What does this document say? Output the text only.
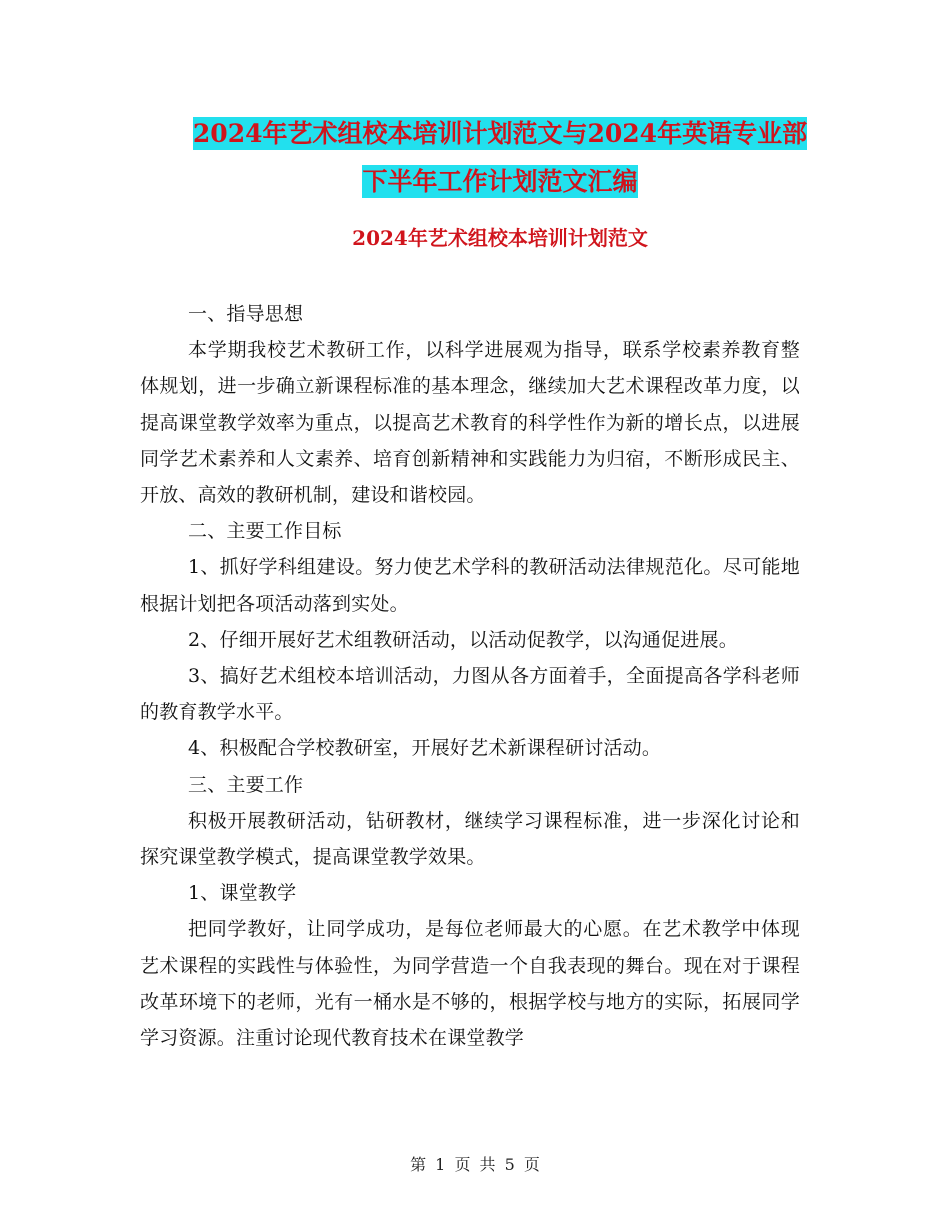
2024年艺术组校本培训计划范文与2024年英语专业部
下半年工作计划范文汇编
2024年艺术组校本培训计划范文

一、指导思想

本学期我校艺术教研工作，以科学进展观为指导，联系学校素养教育整体规划，进一步确立新课程标准的基本理念，继续加大艺术课程改革力度，以提高课堂教学效率为重点，以提高艺术教育的科学性作为新的增长点，以进展同学艺术素养和人文素养、培育创新精神和实践能力为归宿，不断形成民主、开放、高效的教研机制，建设和谐校园。

二、主要工作目标

1、抓好学科组建设。努力使艺术学科的教研活动法律规范化。尽可能地根据计划把各项活动落到实处。

2、仔细开展好艺术组教研活动，以活动促教学，以沟通促进展。

3、搞好艺术组校本培训活动，力图从各方面着手，全面提高各学科老师的教育教学水平。

4、积极配合学校教研室，开展好艺术新课程研讨活动。

三、主要工作

积极开展教研活动，钻研教材，继续学习课程标准，进一步深化讨论和探究课堂教学模式，提高课堂教学效果。

1、课堂教学

把同学教好，让同学成功，是每位老师最大的心愿。在艺术教学中体现艺术课程的实践性与体验性，为同学营造一个自我表现的舞台。现在对于课程改革环境下的老师，光有一桶水是不够的，根据学校与地方的实际，拓展同学学习资源。注重讨论现代教育技术在课堂教学

第 1 页 共 5 页
